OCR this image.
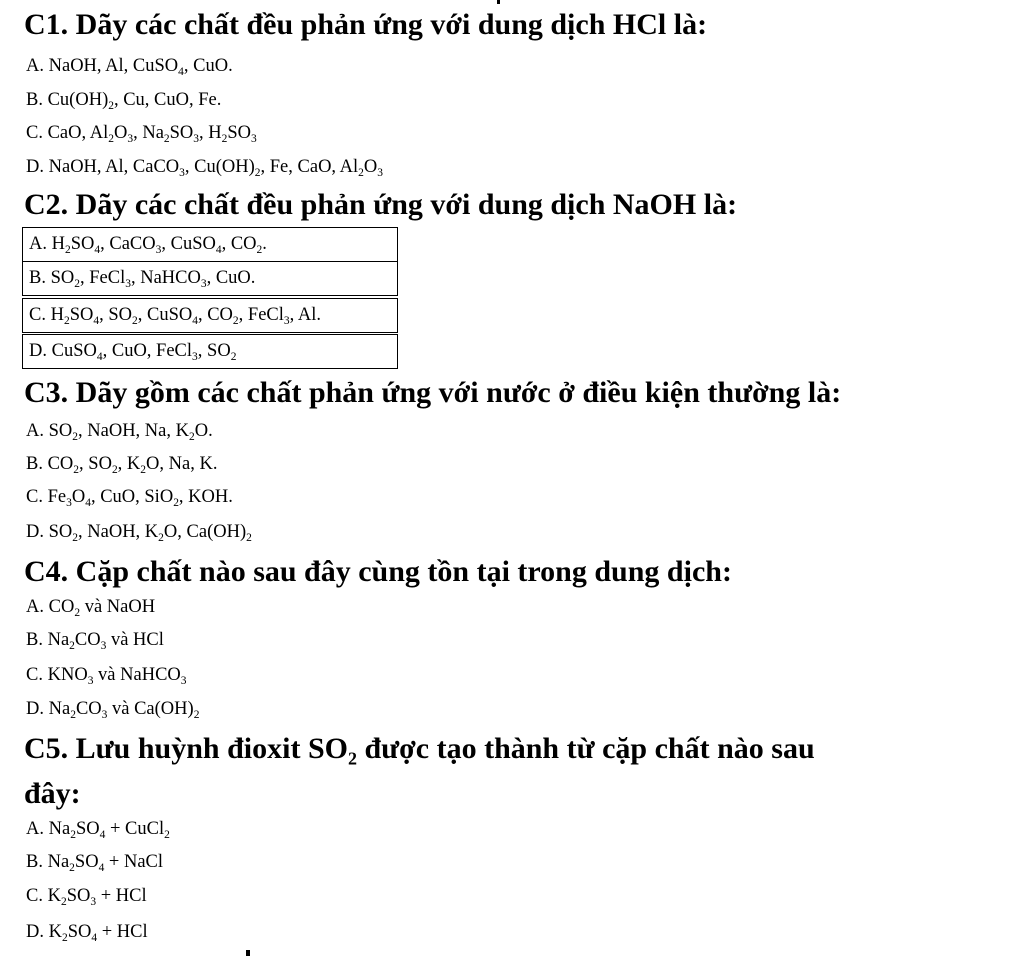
C1. Dãy các chất đều phản ứng với dung dịch HCl là:
A. NaOH, Al, CuSO$_4$, CuO.
B. $Cu(OH)_2$, Cu, CuO, Fe.
C. CaO, $Al_2O_3$, $Na_2SO_3$, $H_2SO_3$
D. NaOH, Al, CaCO$_3$, $Cu(OH)_2$, Fe, CaO, $Al_2O_3$
C2. Dãy các chất đều phản ứng với dung dịch NaOH là:
A. $H_2SO_4$, CaCO$_3$, CuSO$_4$, $CO_2$.
B. $SO_2$, FeCl$_3$, NaHCO$_3$, CuO.
C. $H_2SO_4$, $SO_2$, CuSO$_4$, $CO_2$, FeCl$_3$, Al.
D. CuSO$_4$, CuO, FeCl$_3$, $SO_2$
C3. Dãy gồm các chất phản ứng với nước ở điều kiện thường là:
A. $SO_2$, NaOH, Na, $K_2O$.
B. $CO_2$, $SO_2$, $K_2O$, Na, K.
C. $Fe_3O_4$, CuO, SiO$_2$, KOH.
D. $SO_2$, NaOH, $K_2O$, $Ca(OH)_2$
C4. Cặp chất nào sau đây cùng tồn tại trong dung dịch:
A. $CO_2$ và NaOH
B. $Na_2CO_3$ và HCl
C. $KNO_3$ và NaHCO$_3$
D. $Na_2CO_3$ và $Ca(OH)_2$
C5. Lưu huỳnh đioxit $SO_2$ được tạo thành từ cặp chất nào sau
đây:
A. $Na_2SO_4$ + CuCl$_2$
B. $Na_2SO_4$ + NaCl
C. $K_2SO_3$ + HCl
D. $K_2SO_4$ + HCl
